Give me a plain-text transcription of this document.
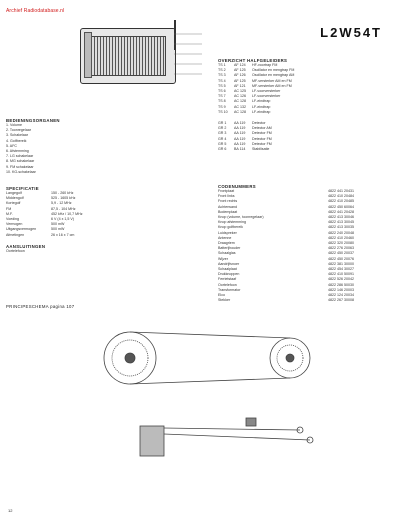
Archief Radiodatabase.nl
L2W54T
OVERZICHT HALFGELEIDERS
TS 1	AF 124	HF-voortrap FM
TS 2	AF 125	Oscillator en mengtrap FM
TS 3	AF 126	Oscillator en mengtrap AM
TS 4	AF 125	MF-versterker AM en FM
TS 5	AF 121	MF-versterker AM en FM
TS 6	AC 125	LF-voorversterker
TS 7	AC 126	LF-voorversterker
TS 8	AC 128	LF-eindtrap
TS 9	AC 132	LF-eindtrap
TS 10	AC 128	LF-eindtrap
GR 1	AA 119	Detector
GR 2	AA 119	Detector AM
GR 3	AA 119	Detector FM
GR 4	AA 119	Detector FM
GR 5	AA 119	Detector FM
GR 6	BA 114	Stabilisatie
BEDIENINGSORGANEN
1. Volume
2. Toonregelaar
3. Schakelaar
4. Golfbereik
5. AFC
6. Afstemming
7. LG schakelaar
8. MG schakelaar
9. FM schakelaar
10. KG-schakelaar
SPECIFICATIE
Langegolf	150 - 260 kHz
Middengolf	525 - 1605 kHz
Kortegolf	5,9 - 12 MHz
FM	87,5 - 104 MHz
M.F.	452 kHz / 10,7 MHz
Voeding	6 V (4 x 1,5 V)
Vermogen	500 mW
Uitgangsvermogen	500 mW
Afmetingen	26 x 16 x 7 cm
AANSLUITINGEN
Oortelefoon
CODENUMMERS
Frontplaat	4822 441 20431
Front links	4822 410 20484
Front rechts	4822 410 20485
Achterwand	4822 450 60064
Bodemplaat	4822 441 20428
Knop (volume, toonregelaar)	4822 413 30046
Knop afstemming	4822 413 30045
Knop golfbereik	4822 413 30035
Luidspreker	4822 240 20048
Antenne	4822 410 20460
Draagriem	4822 320 20080
Batterijhouder	4822 276 20063
Schaalglas	4822 450 20037
Wijzer	4822 450 20076
Aandrijfsnoer	4822 381 30000
Schaalplaat	4822 454 30027
Drukknoppen	4822 410 50091
Ferrietstaaf	4822 526 20042
Oortelefoon	4822 286 50030
Transformator	4822 146 20003
Elco	4822 124 20034
Stekker	4822 267 30008
PRINCIPESCHEMA pagina 107
12
